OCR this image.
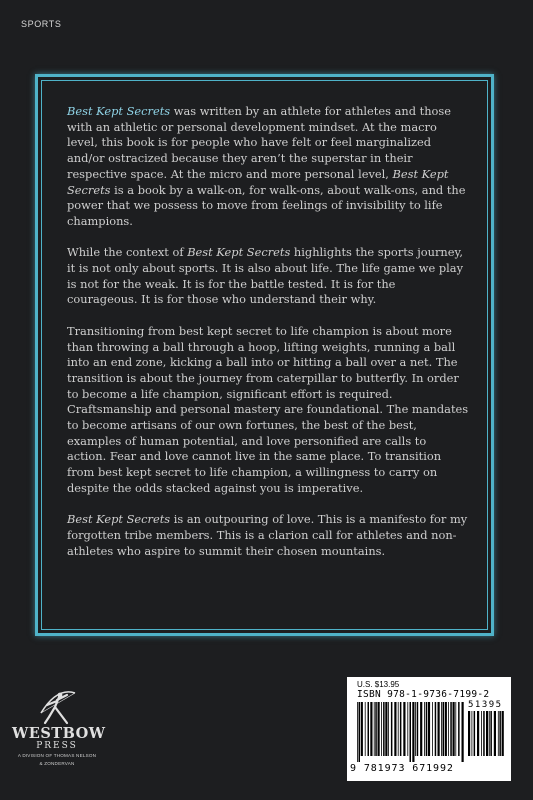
SPORTS

Best Kept Secrets was written by an athlete for athletes and those with an athletic or personal development mindset. At the macro level, this book is for people who have felt or feel marginalized and/or ostracized because they aren’t the superstar in their respective space. At the micro and more personal level, Best Kept Secrets is a book by a walk-on, for walk-ons, about walk-ons, and the power that we possess to move from feelings of invisibility to life champions.

While the context of Best Kept Secrets highlights the sports journey, it is not only about sports. It is also about life. The life game we play is not for the weak. It is for the battle tested. It is for the courageous. It is for those who understand their why.

Transitioning from best kept secret to life champion is about more than throwing a ball through a hoop, lifting weights, running a ball into an end zone, kicking a ball into or hitting a ball over a net. The transition is about the journey from caterpillar to butterfly. In order to become a life champion, significant effort is required. Craftsmanship and personal mastery are foundational. The mandates to become artisans of our own fortunes, the best of the best, examples of human potential, and love personified are calls to action. Fear and love cannot live in the same place. To transition from best kept secret to life champion, a willingness to carry on despite the odds stacked against you is imperative.

Best Kept Secrets is an outpouring of love. This is a manifesto for my forgotten tribe members. This is a clarion call for athletes and non-athletes who aspire to summit their chosen mountains.

WESTBOW
PRESS
A DIVISION OF THOMAS NELSON
& ZONDERVAN
U.S. $13.95
ISBN 978-1-9736-7199-2
51395
9 781973 671992
